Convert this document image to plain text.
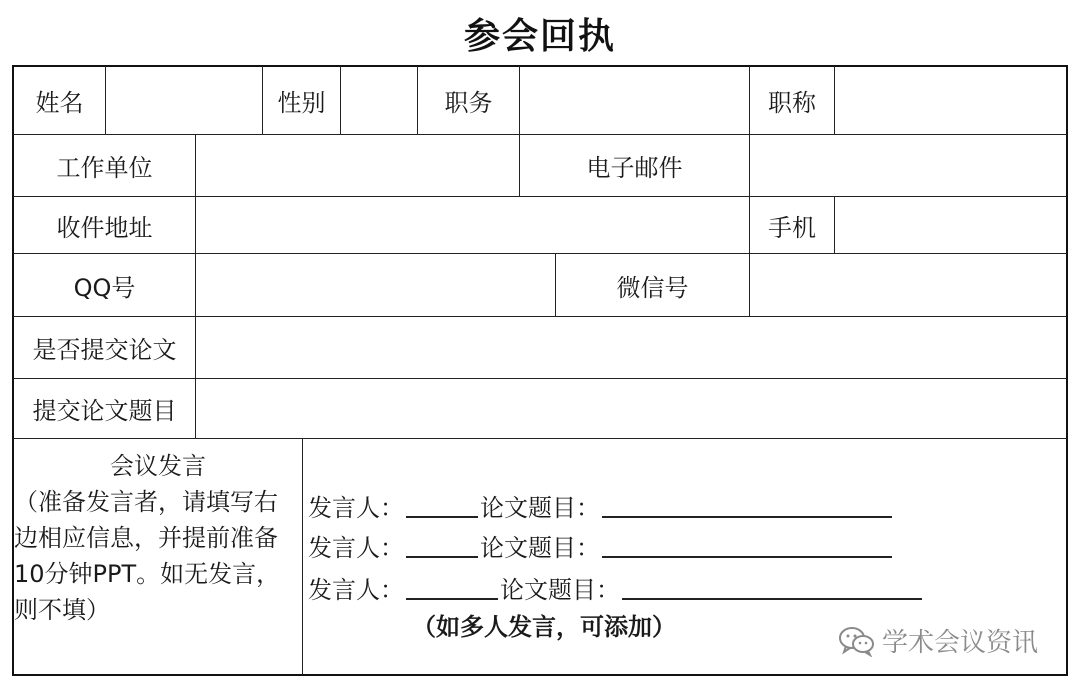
参会回执
姓名	性别	职务	职称
工作单位	电子邮件
收件地址	手机
QQ号	微信号
是否提交论文
提交论文题目
会议发言
（准备发言者，请填写右
边相应信息，并提前准备
10分钟PPT。如无发言，
则不填）
发言人：	论文题目：
发言人：	论文题目：
发言人：	论文题目：
（如多人发言，可添加）
学术会议资讯
